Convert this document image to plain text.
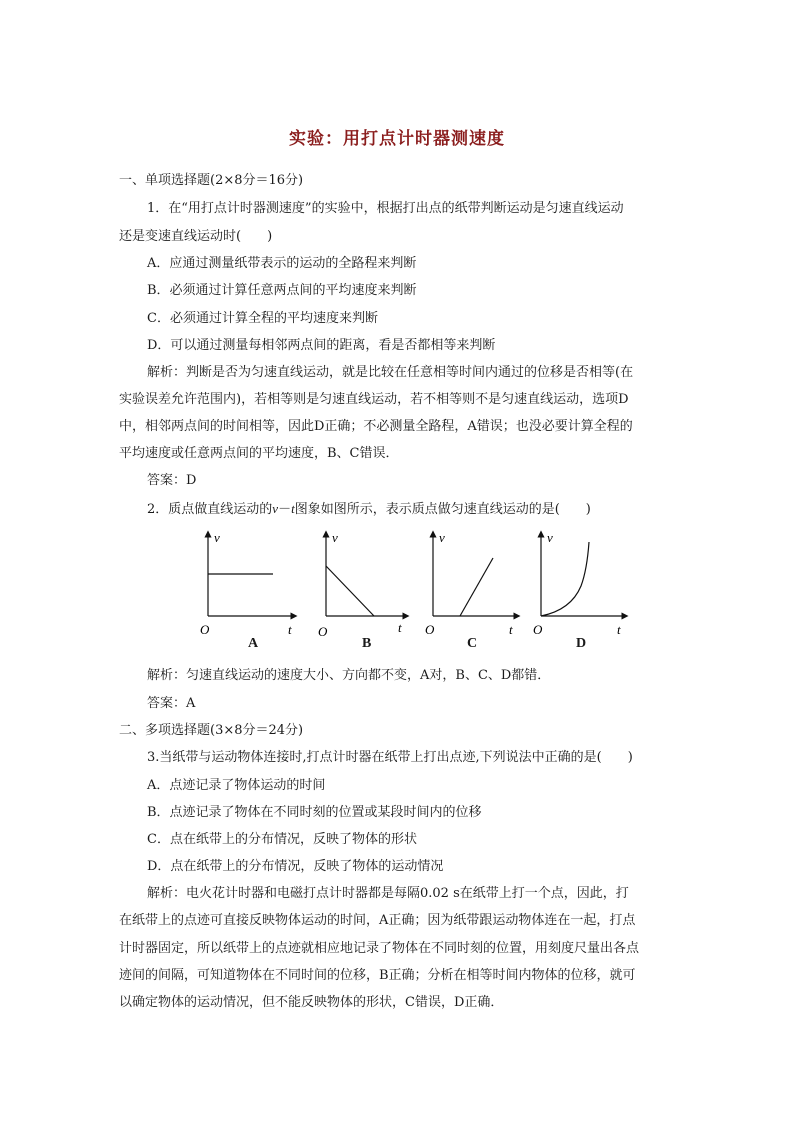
实验：用打点计时器测速度
一、单项选择题(2×8分＝16分)
1．在“用打点计时器测速度”的实验中，根据打出点的纸带判断运动是匀速直线运动
还是变速直线运动时(　　)
A．应通过测量纸带表示的运动的全路程来判断
B．必须通过计算任意两点间的平均速度来判断
C．必须通过计算全程的平均速度来判断
D．可以通过测量每相邻两点间的距离，看是否都相等来判断
解析：判断是否为匀速直线运动，就是比较在任意相等时间内通过的位移是否相等(在
实验误差允许范围内)，若相等则是匀速直线运动，若不相等则不是匀速直线运动，选项D
中，相邻两点间的时间相等，因此D正确；不必测量全路程，A错误；也没必要计算全程的
平均速度或任意两点间的平均速度，B、C错误．
答案：D
2．质点做直线运动的v－t图象如图所示，表示质点做匀速直线运动的是(　　)
v
t
O
A
v
t
O
B
v
t
O
C
v
t
O
D
解析：匀速直线运动的速度大小、方向都不变，A对，B、C、D都错．
答案：A
二、多项选择题(3×8分＝24分)
3.当纸带与运动物体连接时,打点计时器在纸带上打出点迹,下列说法中正确的是(　　)
A．点迹记录了物体运动的时间
B．点迹记录了物体在不同时刻的位置或某段时间内的位移
C．点在纸带上的分布情况，反映了物体的形状
D．点在纸带上的分布情况，反映了物体的运动情况
解析：电火花计时器和电磁打点计时器都是每隔0.02 s在纸带上打一个点，因此，打
在纸带上的点迹可直接反映物体运动的时间，A正确；因为纸带跟运动物体连在一起，打点
计时器固定，所以纸带上的点迹就相应地记录了物体在不同时刻的位置，用刻度尺量出各点
迹间的间隔，可知道物体在不同时间的位移，B正确；分析在相等时间内物体的位移，就可
以确定物体的运动情况，但不能反映物体的形状，C错误，D正确．
